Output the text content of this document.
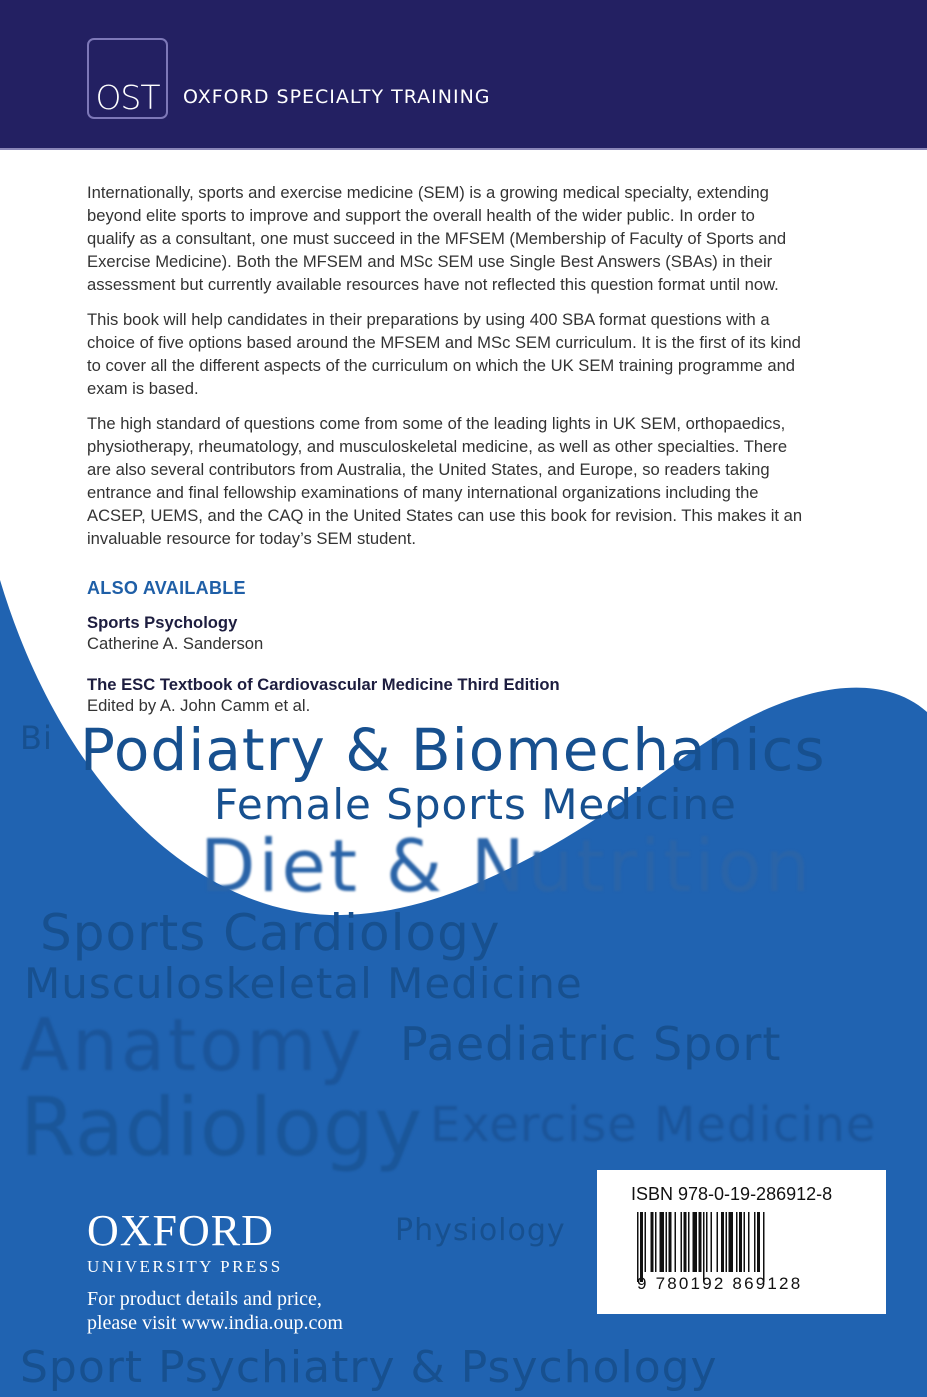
Bi Podiatry & Biomechanics
Female Sports Medicine
Diet & Nutrition
Sports Cardiology
Musculoskeletal Medicine
Anatomy Paediatric Sport
Radiology
Physiology
Exercise Medicine
Sport Psychiatry & Psychology
OST	OXFORD SPECIALTY TRAINING

Internationally, sports and exercise medicine (SEM) is a growing medical specialty, extending beyond elite sports to improve and support the overall health of the wider public. In order to qualify as a consultant, one must succeed in the MFSEM (Membership of Faculty of Sports and Exercise Medicine). Both the MFSEM and MSc SEM use Single Best Answers (SBAs) in their assessment but currently available resources have not reflected this question format until now.

This book will help candidates in their preparations by using 400 SBA format questions with a choice of five options based around the MFSEM and MSc SEM curriculum. It is the first of its kind to cover all the different aspects of the curriculum on which the UK SEM training programme and exam is based.

The high standard of questions come from some of the leading lights in UK SEM, orthopaedics, physiotherapy, rheumatology, and musculoskeletal medicine, as well as other specialties. There are also several contributors from Australia, the United States, and Europe, so readers taking entrance and final fellowship examinations of many international organizations including the ACSEP, UEMS, and the CAQ in the United States can use this book for revision. This makes it an invaluable resource for today’s SEM student.

ALSO AVAILABLE
Sports Psychology
Catherine A. Sanderson
The ESC Textbook of Cardiovascular Medicine Third Edition
Edited by A. John Camm et al.
OXFORD
UNIVERSITY PRESS
For product details and price,
please visit www.india.oup.com
ISBN 978-0-19-286912-8
9 780192 869128
